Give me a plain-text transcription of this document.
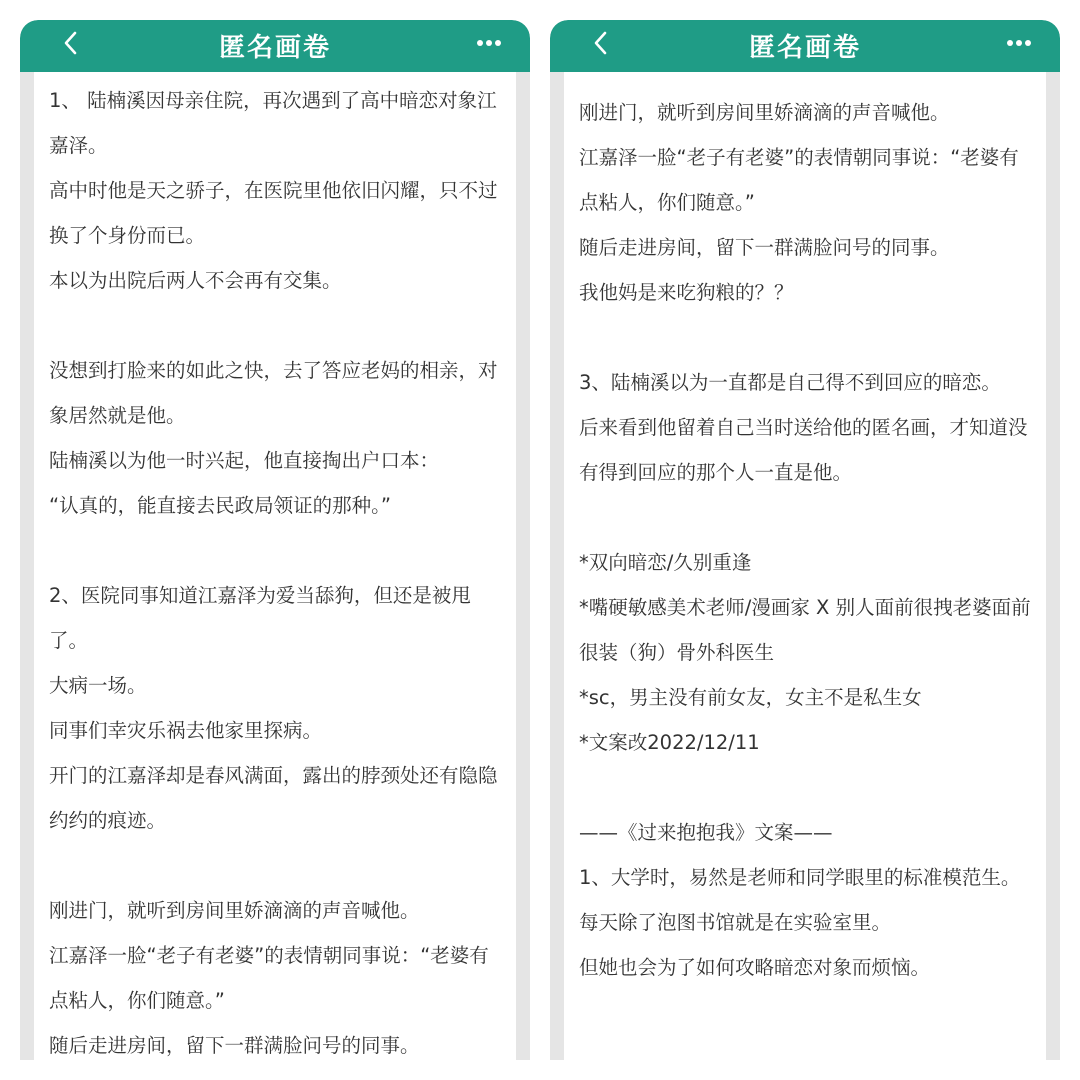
匿名画卷

1、 陆楠溪因母亲住院，再次遇到了高中暗恋对象江嘉泽。

高中时他是天之骄子，在医院里他依旧闪耀，只不过换了个身份而已。

本以为出院后两人不会再有交集。

没想到打脸来的如此之快，去了答应老妈的相亲，对象居然就是他。

陆楠溪以为他一时兴起，他直接掏出户口本：

“认真的，能直接去民政局领证的那种。”

2、医院同事知道江嘉泽为爱当舔狗，但还是被甩了。

大病一场。

同事们幸灾乐祸去他家里探病。

开门的江嘉泽却是春风满面，露出的脖颈处还有隐隐约约的痕迹。

刚进门，就听到房间里娇滴滴的声音喊他。

江嘉泽一脸“老子有老婆”的表情朝同事说：“老婆有点粘人，你们随意。”

随后走进房间，留下一群满脸问号的同事。

匿名画卷

刚进门，就听到房间里娇滴滴的声音喊他。

江嘉泽一脸“老子有老婆”的表情朝同事说：“老婆有点粘人，你们随意。”

随后走进房间，留下一群满脸问号的同事。

我他妈是来吃狗粮的？？

3、陆楠溪以为一直都是自己得不到回应的暗恋。

后来看到他留着自己当时送给他的匿名画，才知道没有得到回应的那个人一直是他。

*双向暗恋/久别重逢

*嘴硬敏感美术老师/漫画家 X 别人面前很拽老婆面前很装（狗）骨外科医生

*sc，男主没有前女友，女主不是私生女

*文案改2022/12/11

——《过来抱抱我》文案——

1、大学时，易然是老师和同学眼里的标准模范生。

每天除了泡图书馆就是在实验室里。

但她也会为了如何攻略暗恋对象而烦恼。
